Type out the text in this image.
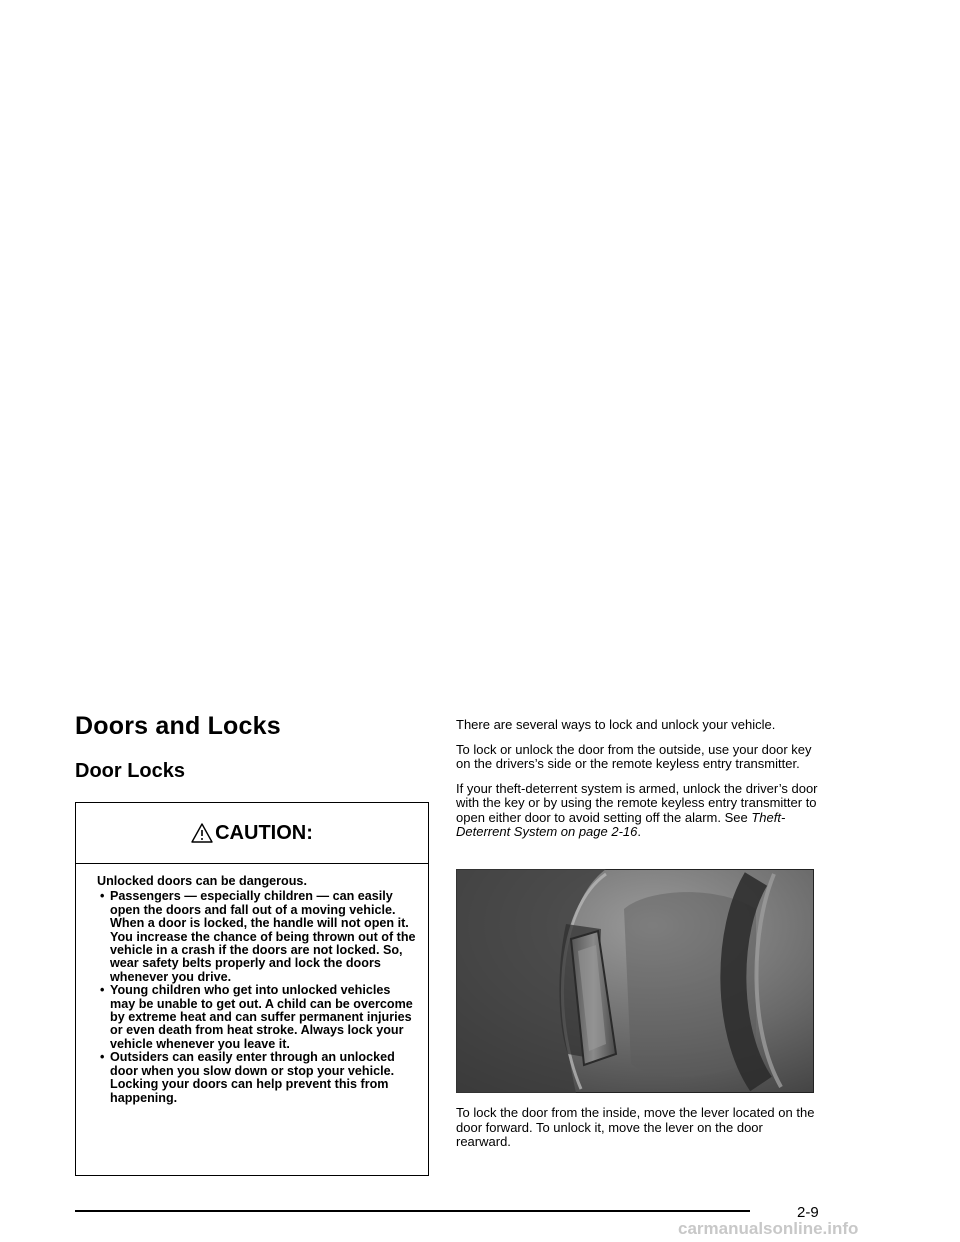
Doors and Locks
Door Locks
CAUTION:

Unlocked doors can be dangerous.

• Passengers — especially children — can easily open the doors and fall out of a moving vehicle. When a door is locked, the handle will not open it. You increase the chance of being thrown out of the vehicle in a crash if the doors are not locked. So, wear safety belts properly and lock the doors whenever you drive.
• Young children who get into unlocked vehicles may be unable to get out. A child can be overcome by extreme heat and can suffer permanent injuries or even death from heat stroke. Always lock your vehicle whenever you leave it.
• Outsiders can easily enter through an unlocked door when you slow down or stop your vehicle. Locking your doors can help prevent this from happening.

There are several ways to lock and unlock your vehicle.

To lock or unlock the door from the outside, use your door key on the drivers’s side or the remote keyless entry transmitter.

If your theft-deterrent system is armed, unlock the driver’s door with the key or by using the remote keyless entry transmitter to open either door to avoid setting off the alarm. See Theft-Deterrent System on page 2-16.

To lock the door from the inside, move the lever located on the door forward. To unlock it, move the lever on the door rearward.

2-9
carmanualsonline.info
